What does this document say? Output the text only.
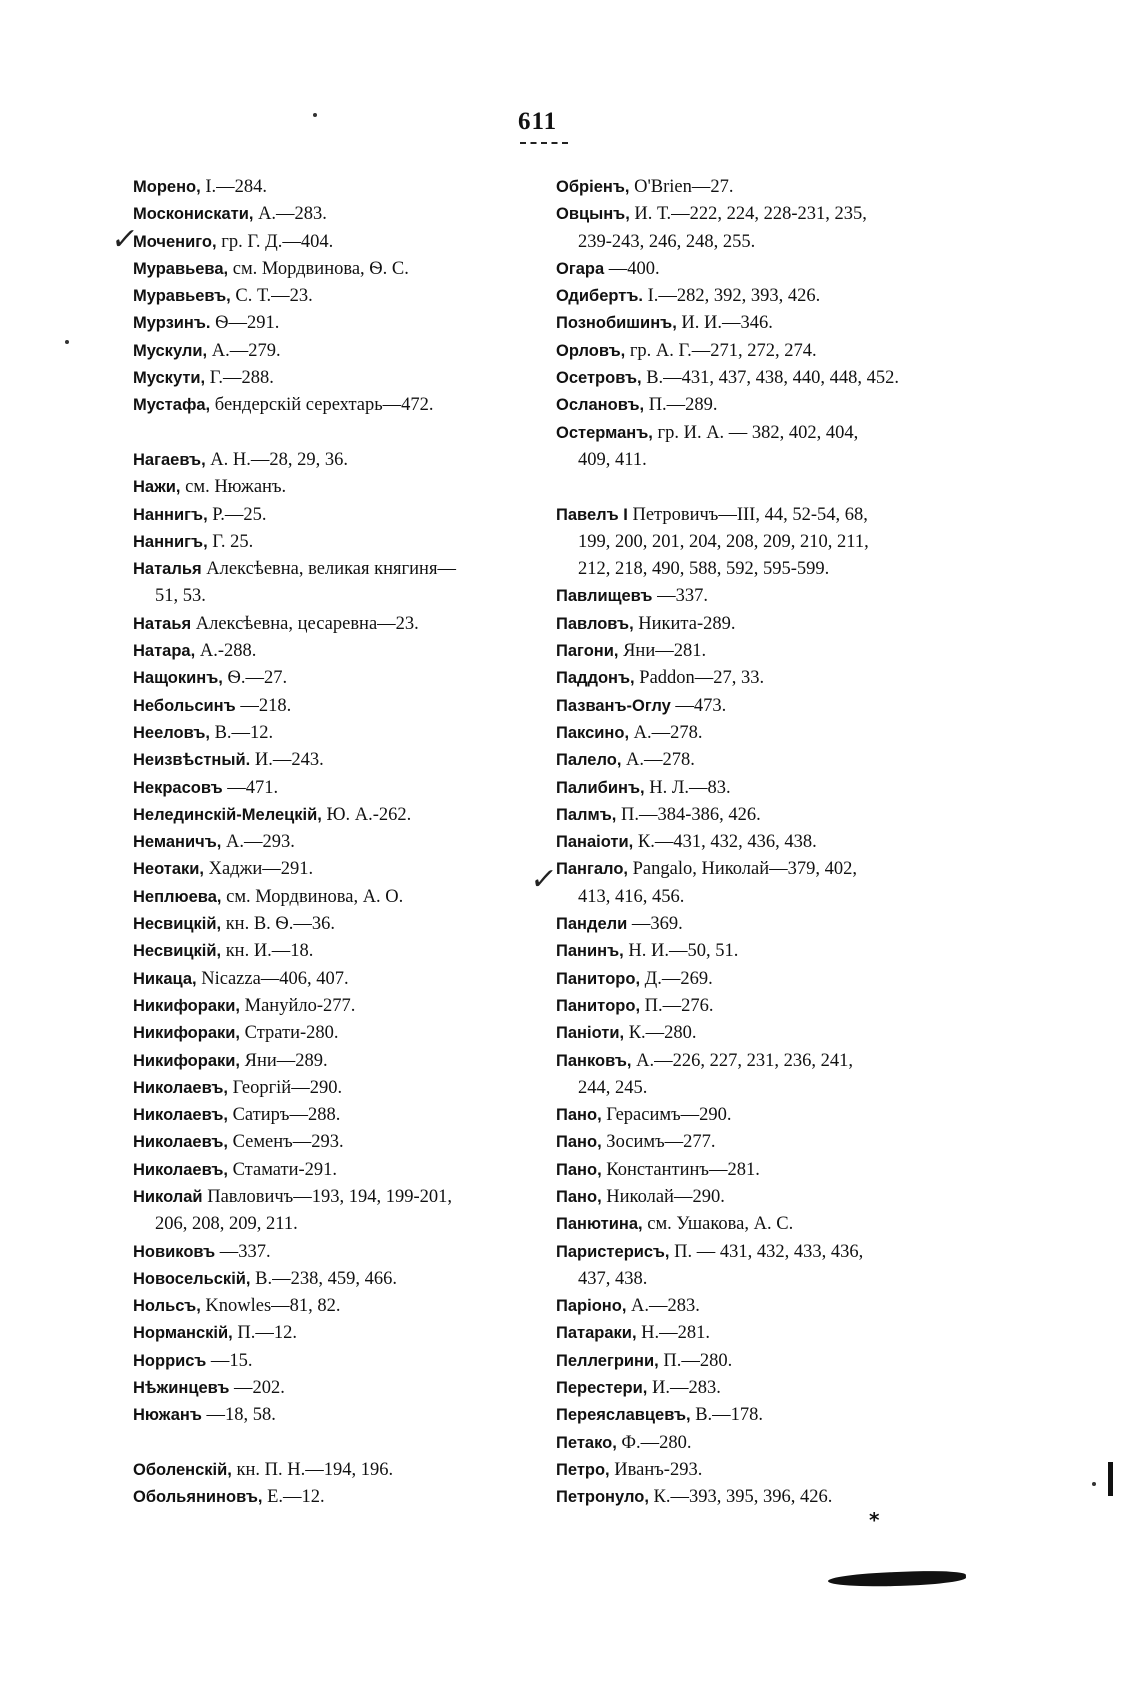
611
Морено, I.—284.
Москонискати, А.—283.
Мочениго, гр. Г. Д.—404.
Муравьева, см. Мордвинова, Ѳ. С.
Муравьевъ, С. Т.—23.
Мурзинъ. Ѳ—291.
Мускули, А.—279.
Мускути, Г.—288.
Мустафа, бендерскій серехтарь—472.
Нагаевъ, А. Н.—28, 29, 36.
Нажи, см. Нюжанъ.
Наннигъ, Р.—25.
Наннигъ, Г. 25.
Наталья Алексѣевна, великая княгиня—
51, 53.
Натaья Алексѣевна, цесаревна—23.
Натара, А.-288.
Нащокинъ, Ѳ.—27.
Небольсинъ —218.
Нееловъ, В.—12.
Неизвѣстный. И.—243.
Некрасовъ —471.
Нелединскій-Мелецкій, Ю. А.-262.
Неманичъ, А.—293.
Неотаки, Хаджи—291.
Неплюева, см. Мордвинова, А. О.
Несвицкій, кн. В. Ѳ.—36.
Несвицкій, кн. И.—18.
Никаца, Nicazza—406, 407.
Никифораки, Мануйло-277.
Никифораки, Страти-280.
Никифораки, Яни—289.
Николаевъ, Георгій—290.
Николаевъ, Сатиръ—288.
Николаевъ, Семенъ—293.
Николаевъ, Стамати-291.
Николай Павловичъ—193, 194, 199-201,
206, 208, 209, 211.
Новиковъ —337.
Новосельскій, В.—238, 459, 466.
Нольсъ, Knowles—81, 82.
Норманскій, П.—12.
Норрисъ —15.
Нѣжинцевъ —202.
Нюжанъ —18, 58.
Оболенскій, кн. П. Н.—194, 196.
Обольяниновъ, Е.—12.
Обріенъ, O'Brien—27.
Овцынъ, И. Т.—222, 224, 228-231, 235,
239-243, 246, 248, 255.
Огара —400.
Одибертъ. I.—282, 392, 393, 426.
Познобишинъ, И. И.—346.
Орловъ, гр. А. Г.—271, 272, 274.
Осетровъ, В.—431, 437, 438, 440, 448, 452.
Ослановъ, П.—289.
Остерманъ, гр. И. А. — 382, 402, 404,
409, 411.
Павелъ I Петровичъ—III, 44, 52-54, 68,
199, 200, 201, 204, 208, 209, 210, 211,
212, 218, 490, 588, 592, 595-599.
Павлищевъ —337.
Павловъ, Никита-289.
Пагони, Яни—281.
Паддонъ, Paddon—27, 33.
Пазванъ-Оглу —473.
Паксино, А.—278.
Палело, А.—278.
Палибинъ, Н. Л.—83.
Палмъ, П.—384-386, 426.
Панаіоти, К.—431, 432, 436, 438.
Пангало, Pangalo, Николай—379, 402,
413, 416, 456.
Пандели —369.
Панинъ, Н. И.—50, 51.
Панитoро, Д.—269.
Панитoро, П.—276.
Паніоти, К.—280.
Панковъ, А.—226, 227, 231, 236, 241,
244, 245.
Пано, Герасимъ—290.
Пано, Зосимъ—277.
Пано, Константинъ—281.
Пано, Николай—290.
Панютина, см. Ушакова, А. С.
Паристерисъ, П. — 431, 432, 433, 436,
437, 438.
Паріоно, А.—283.
Патараки, Н.—281.
Пеллегрини, П.—280.
Перестери, И.—283.
Переяславцевъ, В.—178.
Петако, Ф.—280.
Петро, Иванъ-293.
Петронуло, К.—393, 395, 396, 426.
✓
✓
*
